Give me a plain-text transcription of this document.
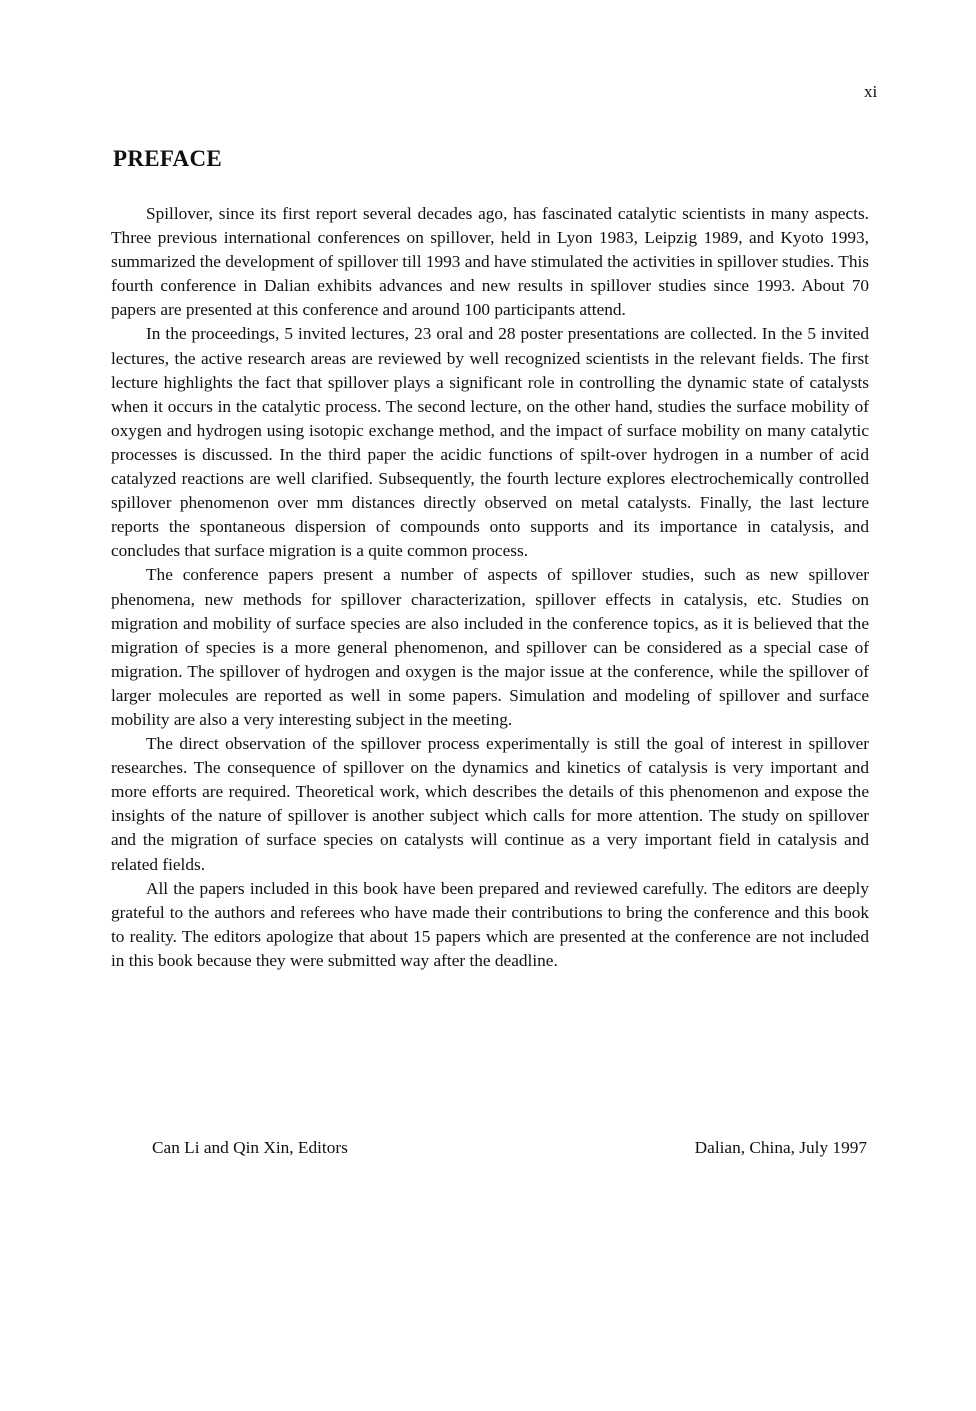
xi
PREFACE

Spillover, since its first report several decades ago, has fascinated catalytic scientists in many aspects. Three previous international conferences on spillover, held in Lyon 1983, Leipzig 1989, and Kyoto 1993, summarized the development of spillover till 1993 and have stimulated the activities in spillover studies. This fourth conference in Dalian exhibits advances and new results in spillover studies since 1993. About 70 papers are presented at this conference and around 100 participants attend.

In the proceedings, 5 invited lectures, 23 oral and 28 poster presentations are collected. In the 5 invited lectures, the active research areas are reviewed by well recognized scientists in the relevant fields. The first lecture highlights the fact that spillover plays a significant role in controlling the dynamic state of catalysts when it occurs in the catalytic process. The second lecture, on the other hand, studies the surface mobility of oxygen and hydrogen using isotopic exchange method, and the impact of surface mobility on many catalytic processes is discussed. In the third paper the acidic functions of spilt-over hydrogen in a number of acid catalyzed reactions are well clarified. Subsequently, the fourth lecture explores electrochemically controlled spillover phenomenon over mm distances directly observed on metal catalysts. Finally, the last lecture reports the spontaneous dispersion of compounds onto supports and its importance in catalysis, and concludes that surface migration is a quite common process.

The conference papers present a number of aspects of spillover studies, such as new spillover phenomena, new methods for spillover characterization, spillover effects in catalysis, etc. Studies on migration and mobility of surface species are also included in the conference topics, as it is believed that the migration of species is a more general phenomenon, and spillover can be considered as a special case of migration. The spillover of hydrogen and oxygen is the major issue at the conference, while the spillover of larger molecules are reported as well in some papers. Simulation and modeling of spillover and surface mobility are also a very interesting subject in the meeting.

The direct observation of the spillover process experimentally is still the goal of interest in spillover researches. The consequence of spillover on the dynamics and kinetics of catalysis is very important and more efforts are required. Theoretical work, which describes the details of this phenomenon and expose the insights of the nature of spillover is another subject which calls for more attention. The study on spillover and the migration of surface species on catalysts will continue as a very important field in catalysis and related fields.

All the papers included in this book have been prepared and reviewed carefully. The editors are deeply grateful to the authors and referees who have made their contributions to bring the conference and this book to reality. The editors apologize that about 15 papers which are presented at the conference are not included in this book because they were submitted way after the deadline.

Can Li and Qin Xin, Editors	Dalian, China, July 1997
